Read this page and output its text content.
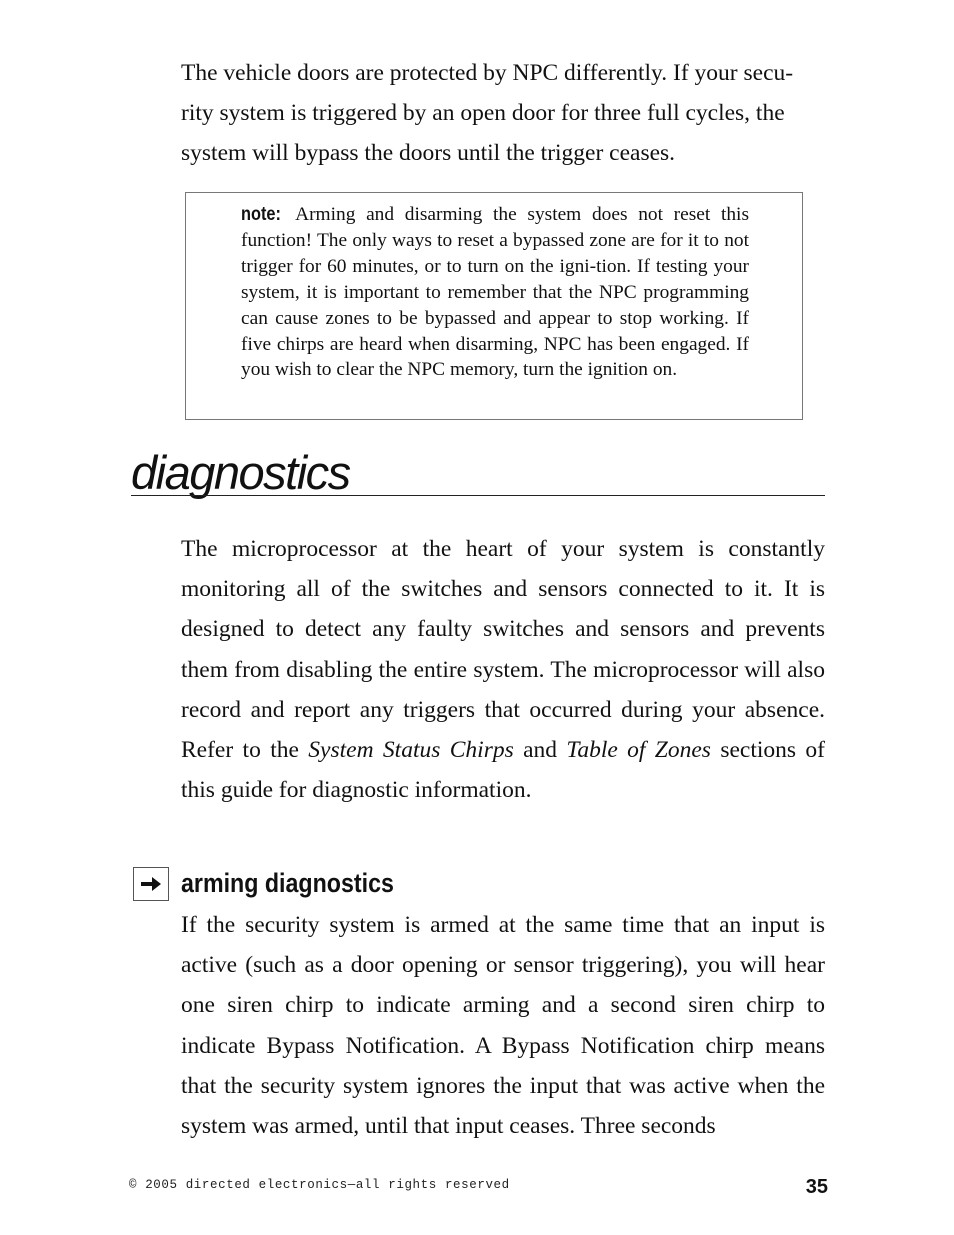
The vehicle doors are protected by NPC differently. If your secu-
rity system is triggered by an open door for three full cycles, the
system will bypass the doors until the trigger ceases.

note: Arming and disarming the system does not reset this function! The only ways to reset a bypassed zone are for it to not trigger for 60 minutes, or to turn on the igni-tion. If testing your system, it is important to remember that the NPC programming can cause zones to be bypassed and appear to stop working. If five chirps are heard when disarming, NPC has been engaged. If you wish to clear the NPC memory, turn the ignition on.

diagnostics

The microprocessor at the heart of your system is constantly monitoring all of the switches and sensors connected to it. It is designed to detect any faulty switches and sensors and prevents them from disabling the entire system. The microprocessor will also record and report any triggers that occurred during your absence. Refer to the System Status Chirps and Table of Zones sections of this guide for diagnostic information.

arming diagnostics

If the security system is armed at the same time that an input is active (such as a door opening or sensor triggering), you will hear one siren chirp to indicate arming and a second siren chirp to indicate Bypass Notification. A Bypass Notification chirp means that the security system ignores the input that was active when the system was armed, until that input ceases. Three seconds

© 2005 directed electronics—all rights reserved	35
